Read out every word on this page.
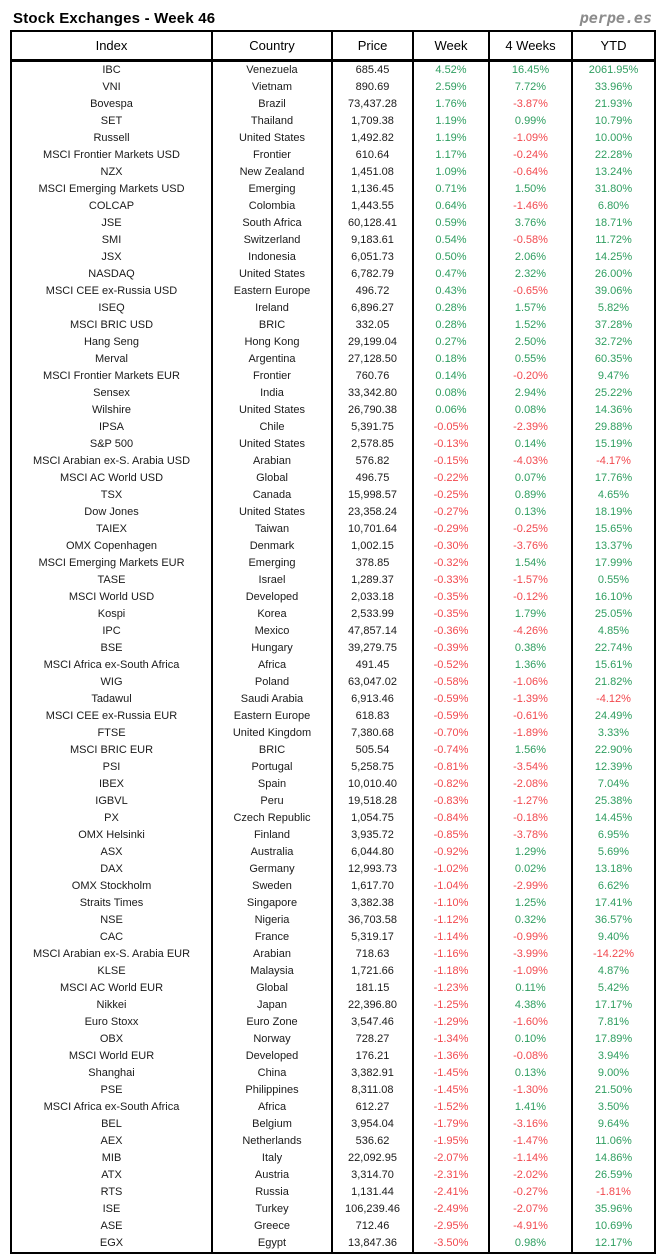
Stock Exchanges - Week 46	perpe.es
Index	Country	Price	Week	4 Weeks	YTD
IBC	Venezuela	685.45	4.52%	16.45%	2061.95%
VNI	Vietnam	890.69	2.59%	7.72%	33.96%
Bovespa	Brazil	73,437.28	1.76%	-3.87%	21.93%
SET	Thailand	1,709.38	1.19%	0.99%	10.79%
Russell	United States	1,492.82	1.19%	-1.09%	10.00%
MSCI Frontier Markets USD	Frontier	610.64	1.17%	-0.24%	22.28%
NZX	New Zealand	1,451.08	1.09%	-0.64%	13.24%
MSCI Emerging Markets USD	Emerging	1,136.45	0.71%	1.50%	31.80%
COLCAP	Colombia	1,443.55	0.64%	-1.46%	6.80%
JSE	South Africa	60,128.41	0.59%	3.76%	18.71%
SMI	Switzerland	9,183.61	0.54%	-0.58%	11.72%
JSX	Indonesia	6,051.73	0.50%	2.06%	14.25%
NASDAQ	United States	6,782.79	0.47%	2.32%	26.00%
MSCI CEE ex-Russia USD	Eastern Europe	496.72	0.43%	-0.65%	39.06%
ISEQ	Ireland	6,896.27	0.28%	1.57%	5.82%
MSCI BRIC USD	BRIC	332.05	0.28%	1.52%	37.28%
Hang Seng	Hong Kong	29,199.04	0.27%	2.50%	32.72%
Merval	Argentina	27,128.50	0.18%	0.55%	60.35%
MSCI Frontier Markets EUR	Frontier	760.76	0.14%	-0.20%	9.47%
Sensex	India	33,342.80	0.08%	2.94%	25.22%
Wilshire	United States	26,790.38	0.06%	0.08%	14.36%
IPSA	Chile	5,391.75	-0.05%	-2.39%	29.88%
S&P 500	United States	2,578.85	-0.13%	0.14%	15.19%
MSCI Arabian ex-S. Arabia USD	Arabian	576.82	-0.15%	-4.03%	-4.17%
MSCI AC World USD	Global	496.75	-0.22%	0.07%	17.76%
TSX	Canada	15,998.57	-0.25%	0.89%	4.65%
Dow Jones	United States	23,358.24	-0.27%	0.13%	18.19%
TAIEX	Taiwan	10,701.64	-0.29%	-0.25%	15.65%
OMX Copenhagen	Denmark	1,002.15	-0.30%	-3.76%	13.37%
MSCI Emerging Markets EUR	Emerging	378.85	-0.32%	1.54%	17.99%
TASE	Israel	1,289.37	-0.33%	-1.57%	0.55%
MSCI World USD	Developed	2,033.18	-0.35%	-0.12%	16.10%
Kospi	Korea	2,533.99	-0.35%	1.79%	25.05%
IPC	Mexico	47,857.14	-0.36%	-4.26%	4.85%
BSE	Hungary	39,279.75	-0.39%	0.38%	22.74%
MSCI Africa ex-South Africa	Africa	491.45	-0.52%	1.36%	15.61%
WIG	Poland	63,047.02	-0.58%	-1.06%	21.82%
Tadawul	Saudi Arabia	6,913.46	-0.59%	-1.39%	-4.12%
MSCI CEE ex-Russia EUR	Eastern Europe	618.83	-0.59%	-0.61%	24.49%
FTSE	United Kingdom	7,380.68	-0.70%	-1.89%	3.33%
MSCI BRIC EUR	BRIC	505.54	-0.74%	1.56%	22.90%
PSI	Portugal	5,258.75	-0.81%	-3.54%	12.39%
IBEX	Spain	10,010.40	-0.82%	-2.08%	7.04%
IGBVL	Peru	19,518.28	-0.83%	-1.27%	25.38%
PX	Czech Republic	1,054.75	-0.84%	-0.18%	14.45%
OMX Helsinki	Finland	3,935.72	-0.85%	-3.78%	6.95%
ASX	Australia	6,044.80	-0.92%	1.29%	5.69%
DAX	Germany	12,993.73	-1.02%	0.02%	13.18%
OMX Stockholm	Sweden	1,617.70	-1.04%	-2.99%	6.62%
Straits Times	Singapore	3,382.38	-1.10%	1.25%	17.41%
NSE	Nigeria	36,703.58	-1.12%	0.32%	36.57%
CAC	France	5,319.17	-1.14%	-0.99%	9.40%
MSCI Arabian ex-S. Arabia EUR	Arabian	718.63	-1.16%	-3.99%	-14.22%
KLSE	Malaysia	1,721.66	-1.18%	-1.09%	4.87%
MSCI AC World EUR	Global	181.15	-1.23%	0.11%	5.42%
Nikkei	Japan	22,396.80	-1.25%	4.38%	17.17%
Euro Stoxx	Euro Zone	3,547.46	-1.29%	-1.60%	7.81%
OBX	Norway	728.27	-1.34%	0.10%	17.89%
MSCI World EUR	Developed	176.21	-1.36%	-0.08%	3.94%
Shanghai	China	3,382.91	-1.45%	0.13%	9.00%
PSE	Philippines	8,311.08	-1.45%	-1.30%	21.50%
MSCI Africa ex-South Africa	Africa	612.27	-1.52%	1.41%	3.50%
BEL	Belgium	3,954.04	-1.79%	-3.16%	9.64%
AEX	Netherlands	536.62	-1.95%	-1.47%	11.06%
MIB	Italy	22,092.95	-2.07%	-1.14%	14.86%
ATX	Austria	3,314.70	-2.31%	-2.02%	26.59%
RTS	Russia	1,131.44	-2.41%	-0.27%	-1.81%
ISE	Turkey	106,239.46	-2.49%	-2.07%	35.96%
ASE	Greece	712.46	-2.95%	-4.91%	10.69%
EGX	Egypt	13,847.36	-3.50%	0.98%	12.17%
